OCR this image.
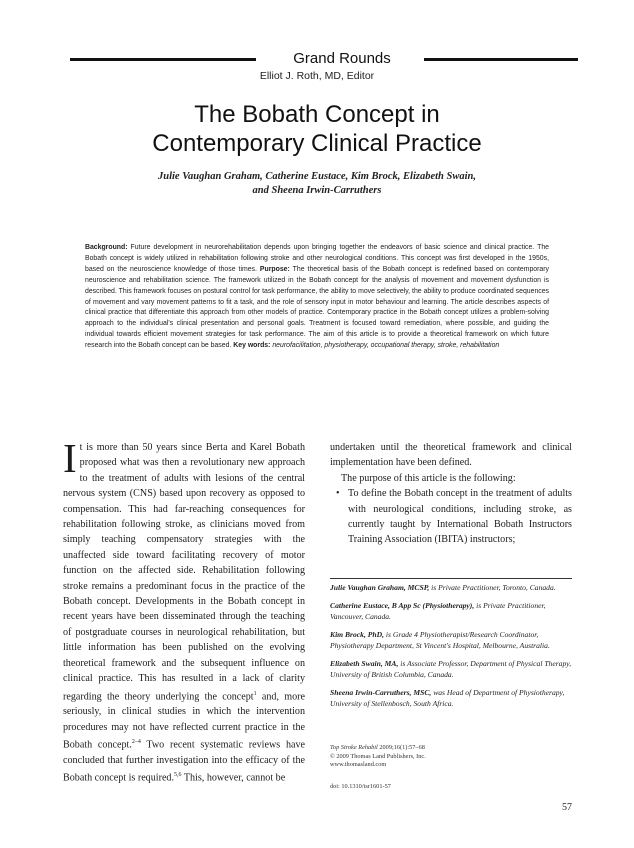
Grand Rounds
Elliot J. Roth, MD, Editor
The Bobath Concept in
Contemporary Clinical Practice
Julie Vaughan Graham, Catherine Eustace, Kim Brock, Elizabeth Swain,
and Sheena Irwin-Carruthers
Background: Future development in neurorehabilitation depends upon bringing together the endeavors of basic science and clinical practice. The Bobath concept is widely utilized in rehabilitation following stroke and other neurological conditions. This concept was first developed in the 1950s, based on the neuroscience knowledge of those times. Purpose: The theoretical basis of the Bobath concept is redefined based on contemporary neuroscience and rehabilitation science. The framework utilized in the Bobath concept for the analysis of movement and movement dysfunction is described. This framework focuses on postural control for task performance, the ability to move selectively, the ability to produce coordinated sequences of movement and vary movement patterns to fit a task, and the role of sensory input in motor behaviour and learning. The article describes aspects of clinical practice that differentiate this approach from other models of practice. Contemporary practice in the Bobath concept utilizes a problem-solving approach to the individual's clinical presentation and personal goals. Treatment is focused toward remediation, where possible, and guiding the individual towards efficient movement strategies for task performance. The aim of this article is to provide a theoretical framework on which future research into the Bobath concept can be based. Key words: neurofacilitation, physiotherapy, occupational therapy, stroke, rehabilitation

It is more than 50 years since Berta and Karel Bobath proposed what was then a revolutionary new approach to the treatment of adults with lesions of the central nervous system (CNS) based upon recovery as opposed to compensation. This had far-reaching consequences for rehabilitation following stroke, as clinicians moved from simply teaching compensatory strategies with the unaffected side toward facilitating recovery of motor function on the affected side. Rehabilitation following stroke remains a predominant focus in the practice of the Bobath concept. Developments in the Bobath concept in recent years have been disseminated through the teaching of postgraduate courses in neurological rehabilitation, but little information has been published on the evolving theoretical framework and the subsequent influence on clinical practice. This has resulted in a lack of clarity regarding the theory underlying the concept$^1$ and, more seriously, in clinical studies in which the intervention procedures may not have reflected current practice in the Bobath concept.$^{2-4}$ Two recent systematic reviews have concluded that further investigation into the efficacy of the Bobath concept is required.$^{5,6}$ This, however, cannot be

undertaken until the theoretical framework and clinical implementation have been defined.

The purpose of this article is the following:

• To define the Bobath concept in the treatment of adults with neurological conditions, including stroke, as currently taught by International Bobath Instructors Training Association (IBITA) instructors;

Julie Vaughan Graham, MCSP, is Private Practitioner, Toronto, Canada.

Catherine Eustace, B App Sc (Physiotherapy), is Private Practitioner, Vancouver, Canada.

Kim Brock, PhD, is Grade 4 Physiotherapist/Research Coordinator, Physiotherapy Department, St Vincent's Hospital, Melbourne, Australia.

Elizabeth Swain, MA, is Associate Professor, Department of Physical Therapy, University of British Columbia, Canada.

Sheena Irwin-Carruthers, MSC, was Head of Department of Physiotherapy, University of Stellenbosch, South Africa.

Top Stroke Rehabil 2009;16(1):57–68
© 2009 Thomas Land Publishers, Inc.
www.thomasland.com
doi: 10.1310/tsr1601-57
57
